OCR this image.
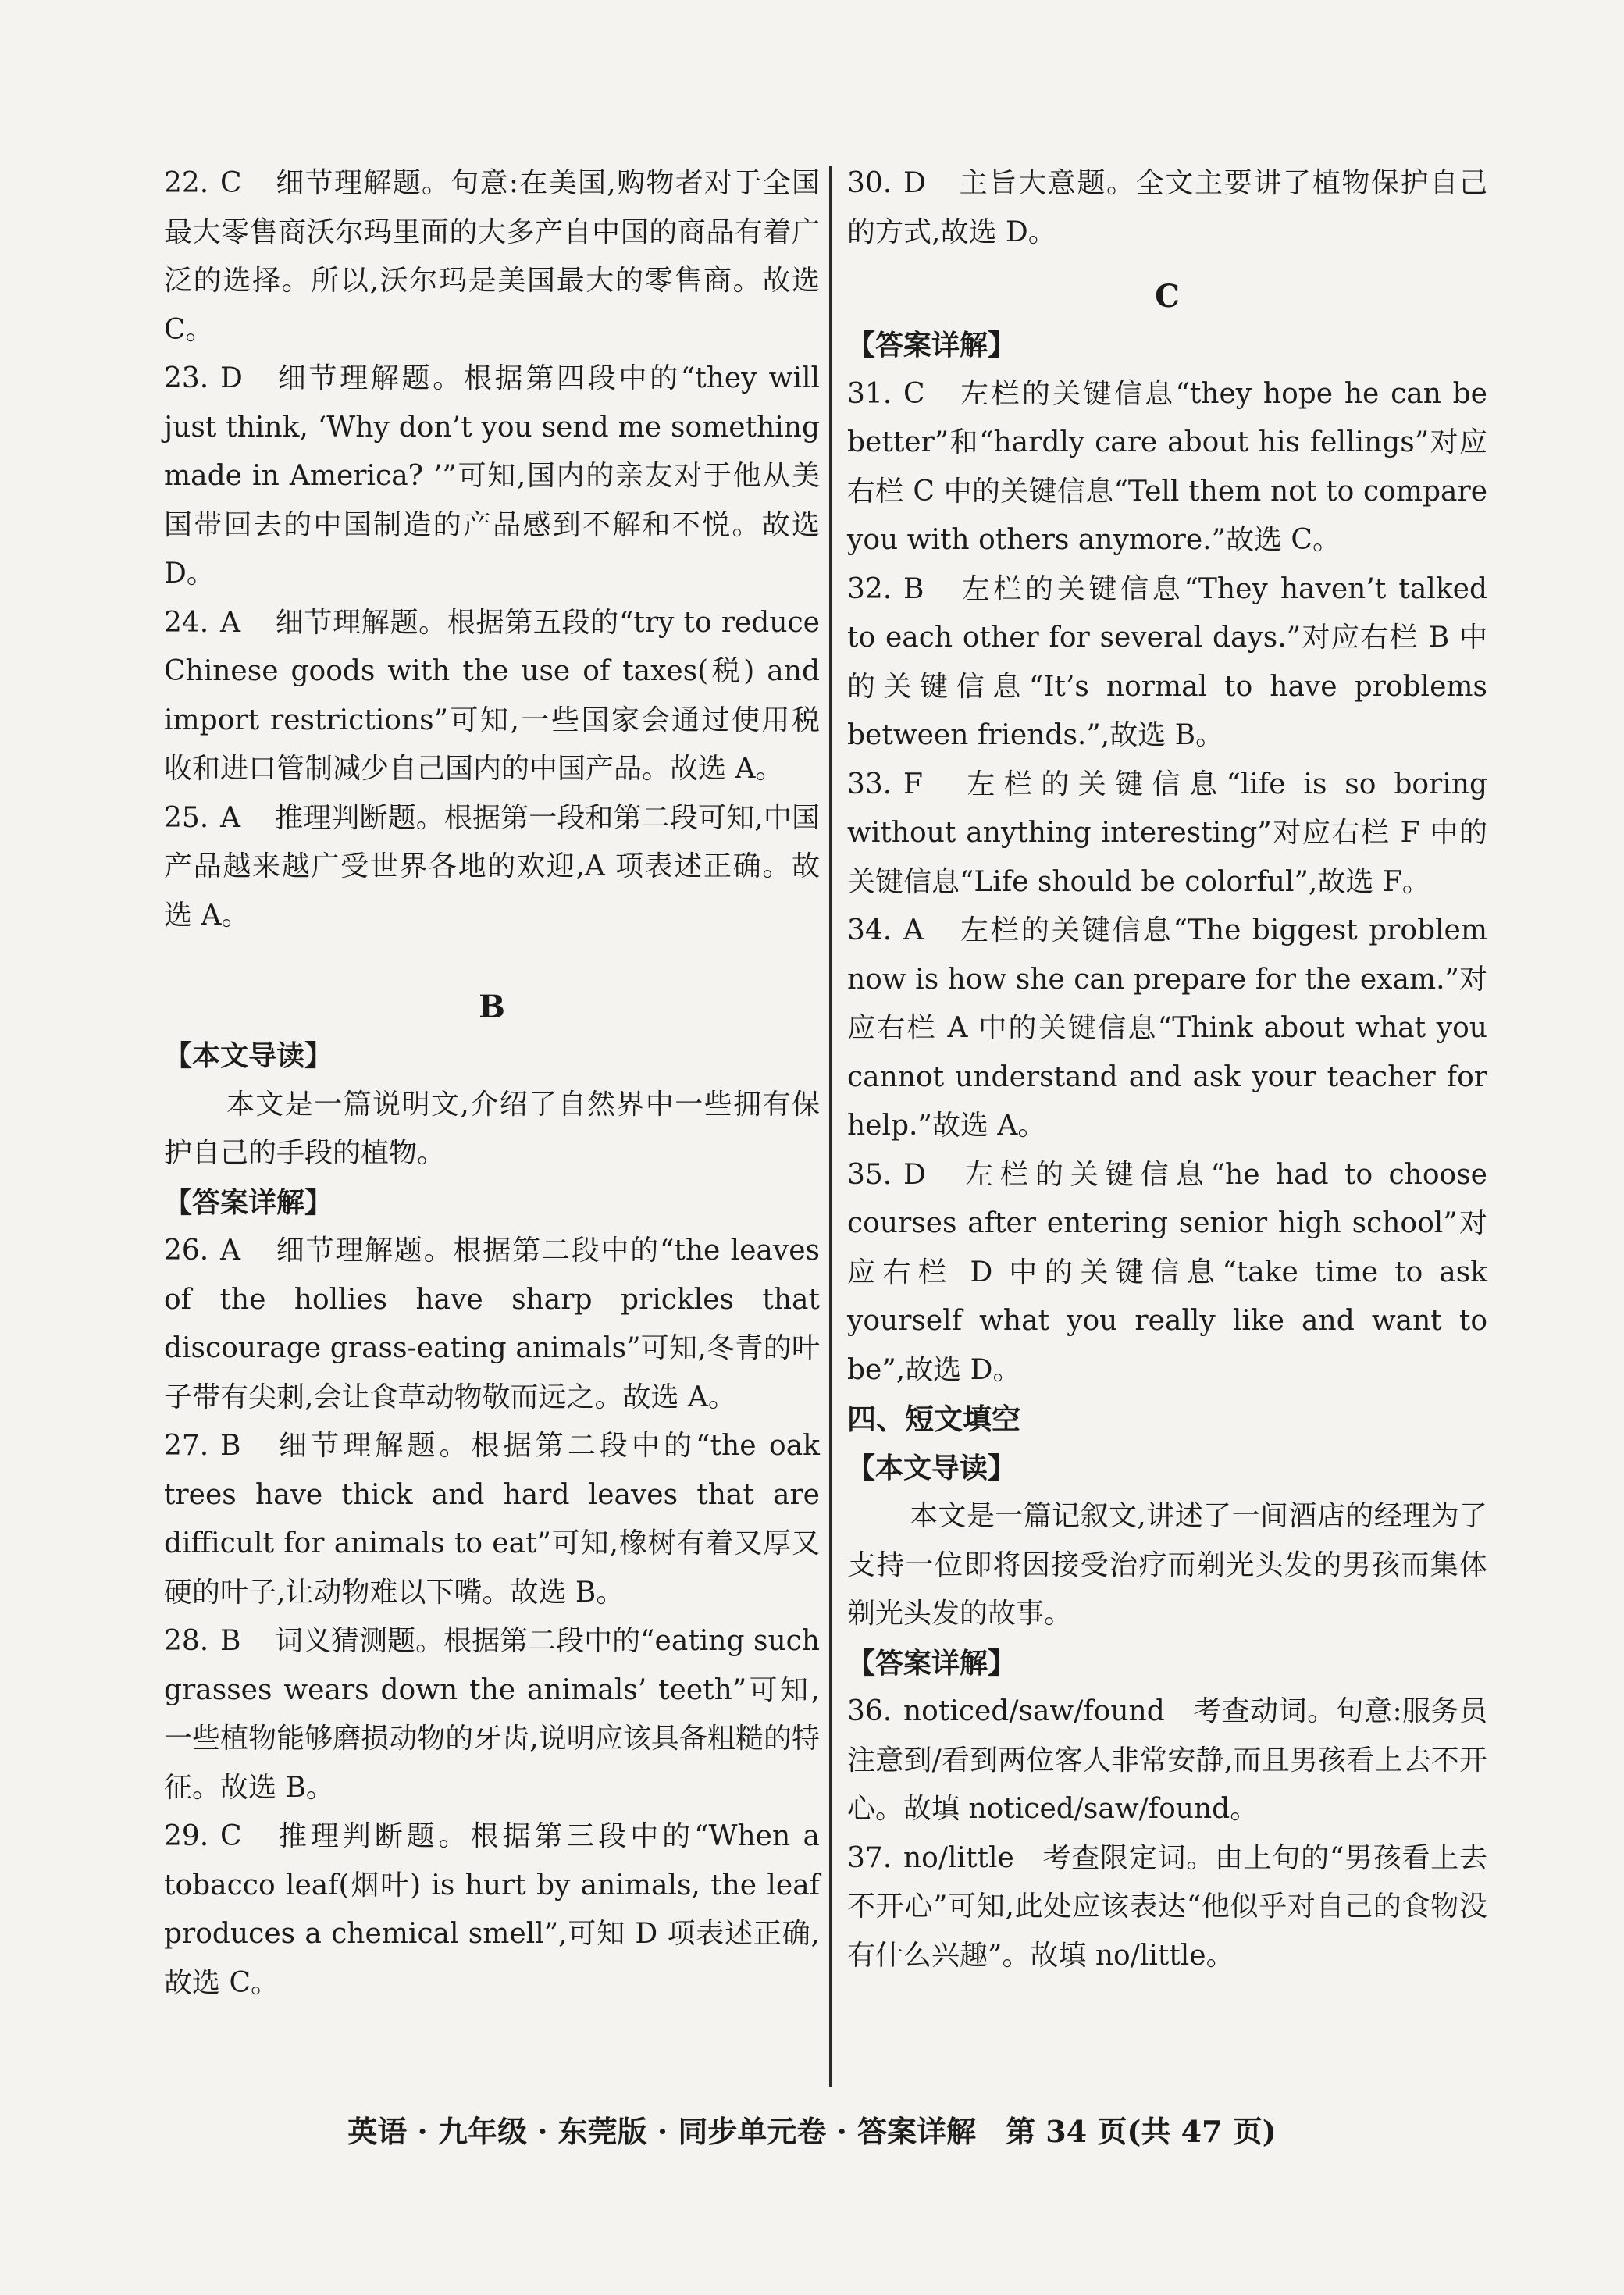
22. C 细节理解题。句意:在美国,购物者对于全国最大零售商沃尔玛里面的大多产自中国的商品有着广泛的选择。所以,沃尔玛是美国最大的零售商。故选 C。
23. D 细节理解题。根据第四段中的“they will just think, ‘Why don’t you send me something made in America? ’”可知,国内的亲友对于他从美国带回去的中国制造的产品感到不解和不悦。故选 D。
24. A 细节理解题。根据第五段的“try to reduce Chinese goods with the use of taxes(税) and import restrictions”可知,一些国家会通过使用税收和进口管制减少自己国内的中国产品。故选 A。
25. A 推理判断题。根据第一段和第二段可知,中国产品越来越广受世界各地的欢迎,A 项表述正确。故选 A。
B
【本文导读】
本文是一篇说明文,介绍了自然界中一些拥有保护自己的手段的植物。
【答案详解】
26. A 细节理解题。根据第二段中的“the leaves of the hollies have sharp prickles that discourage grass-eating animals”可知,冬青的叶子带有尖刺,会让食草动物敬而远之。故选 A。
27. B 细节理解题。根据第二段中的“the oak trees have thick and hard leaves that are difficult for animals to eat”可知,橡树有着又厚又硬的叶子,让动物难以下嘴。故选 B。
28. B 词义猜测题。根据第二段中的“eating such grasses wears down the animals’ teeth”可知,一些植物能够磨损动物的牙齿,说明应该具备粗糙的特征。故选 B。
29. C 推理判断题。根据第三段中的“When a tobacco leaf(烟叶) is hurt by animals, the leaf produces a chemical smell”,可知 D 项表述正确,故选 C。
30. D 主旨大意题。全文主要讲了植物保护自己的方式,故选 D。
C
【答案详解】
31. C 左栏的关键信息“they hope he can be better”和“hardly care about his fellings”对应右栏 C 中的关键信息“Tell them not to compare you with others anymore.”故选 C。
32. B 左栏的关键信息“They haven’t talked to each other for several days.”对应右栏 B 中的关键信息“It’s normal to have problems between friends.”,故选 B。
33. F 左栏的关键信息“life is so boring without anything interesting”对应右栏 F 中的关键信息“Life should be colorful”,故选 F。
34. A 左栏的关键信息“The biggest problem now is how she can prepare for the exam.”对应右栏 A 中的关键信息“Think about what you cannot understand and ask your teacher for help.”故选 A。
35. D 左栏的关键信息“he had to choose courses after entering senior high school”对应右栏 D 中的关键信息“take time to ask yourself what you really like and want to be”,故选 D。
四、短文填空
【本文导读】
本文是一篇记叙文,讲述了一间酒店的经理为了支持一位即将因接受治疗而剃光头发的男孩而集体剃光头发的故事。
【答案详解】
36. noticed/saw/found 考查动词。句意:服务员注意到/看到两位客人非常安静,而且男孩看上去不开心。故填 noticed/saw/found。
37. no/little 考查限定词。由上句的“男孩看上去不开心”可知,此处应该表达“他似乎对自己的食物没有什么兴趣”。故填 no/little。
英语 · 九年级 · 东莞版 · 同步单元卷 · 答案详解　第 34 页(共 47 页)
